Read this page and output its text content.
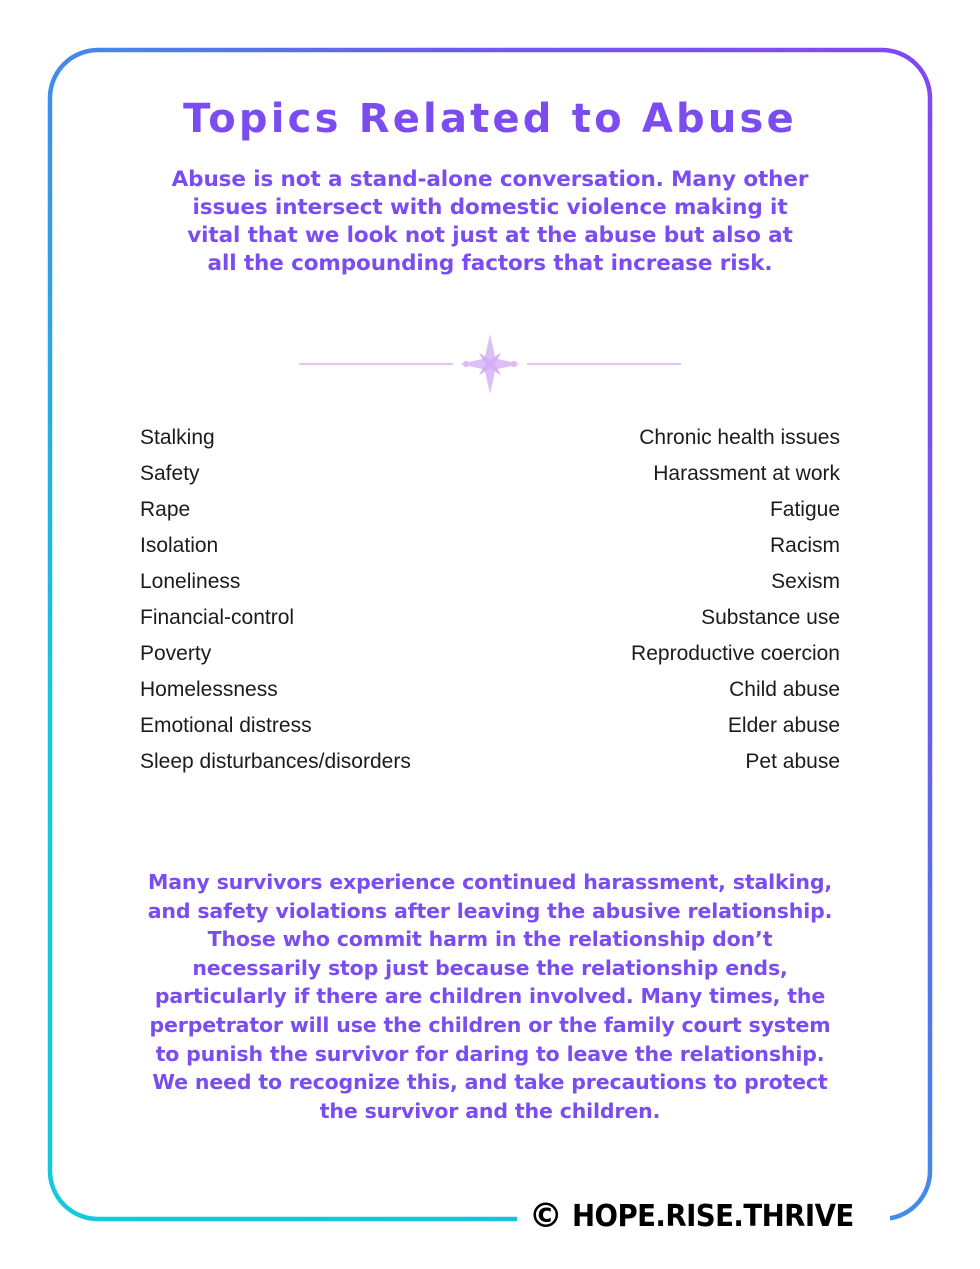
Topics Related to Abuse

Abuse is not a stand-alone conversation. Many other issues intersect with domestic violence making it vital that we look not just at the abuse but also at all the compounding factors that increase risk.

Stalking
Safety
Rape
Isolation
Loneliness
Financial-control
Poverty
Homelessness
Emotional distress
Sleep disturbances/disorders
Chronic health issues
Harassment at work
Fatigue
Racism
Sexism
Substance use
Reproductive coercion
Child abuse
Elder abuse
Pet abuse

Many survivors experience continued harassment, stalking, and safety violations after leaving the abusive relationship. Those who commit harm in the relationship don’t necessarily stop just because the relationship ends, particularly if there are children involved. Many times, the perpetrator will use the children or the family court system to punish the survivor for daring to leave the relationship. We need to recognize this, and take precautions to protect the survivor and the children.

© HOPE.RISE.THRIVE
